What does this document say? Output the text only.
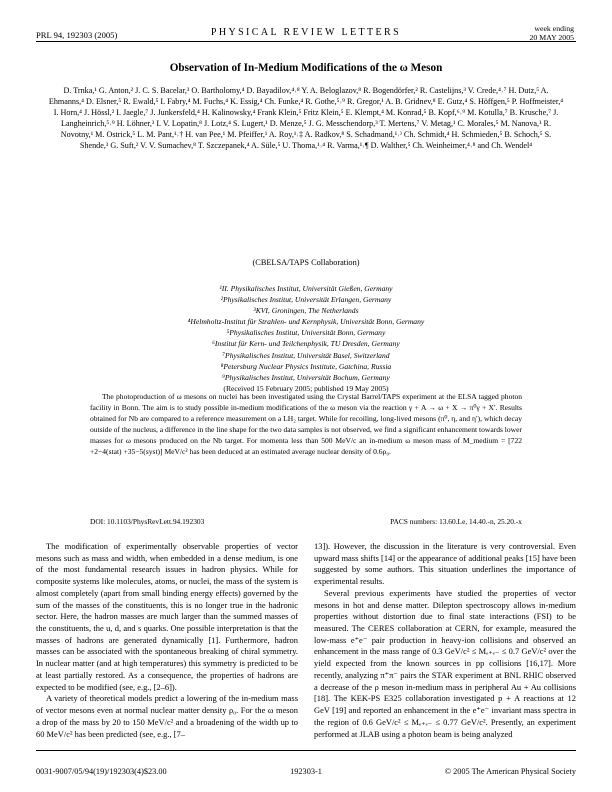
PRL 94, 192303 (2005)	PHYSICAL REVIEW LETTERS	week ending
20 MAY 2005
Observation of In-Medium Modifications of the ω Meson
D. Trnka,¹ G. Anton,² J. C. S. Bacelar,³ O. Bartholomy,⁴ D. Bayadilov,⁴˒⁸ Y. A. Beloglazov,⁸ R. Bogendörfer,² R. Castelijns,³ V. Crede,⁴˒⁷ H. Dutz,⁵ A. Ehmanns,⁴ D. Elsner,⁵ R. Ewald,⁵ I. Fabry,⁴ M. Fuchs,⁴ K. Essig,⁴ Ch. Funke,⁴ R. Gothe,⁵˒⁹ R. Gregor,¹ A. B. Gridnev,⁸ E. Gutz,⁴ S. Höffgen,⁵ P. Hoffmeister,⁴ I. Horn,⁴ J. Hössl,² I. Jaegle,⁷ J. Junkersfeld,⁴ H. Kalinowsky,⁴ Frank Klein,⁵ Fritz Klein,⁵ E. Klempt,⁴ M. Konrad,⁵ B. Kopf,⁶˒⁹ M. Kotulla,⁷ B. Krusche,⁷ J. Langheinrich,⁵˒⁹ H. Löhner,³ I. V. Lopatin,⁸ J. Lotz,⁴ S. Lugert,¹ D. Menze,⁵ J. G. Messchendorp,³ T. Mertens,⁷ V. Metag,¹ C. Morales,⁵ M. Nanova,¹ R. Novotny,¹ M. Ostrick,⁵ L. M. Pant,¹˒† H. van Pee,¹ M. Pfeiffer,¹ A. Roy,¹˒‡ A. Radkov,⁸ S. Schadmand,¹˒⁾ Ch. Schmidt,⁴ H. Schmieden,⁵ B. Schoch,⁵ S. Shende,³ G. Suft,² V. V. Sumachev,⁸ T. Szczepanek,⁴ A. Süle,⁵ U. Thoma,¹˒⁴ R. Varma,¹˒¶ D. Walther,⁵ Ch. Weinheimer,⁴˒⁸ and Ch. Wendel⁴
(CBELSA/TAPS Collaboration)
¹II. Physikalisches Institut, Universität Gießen, Germany
²Physikalisches Institut, Universität Erlangen, Germany
³KVI, Groningen, The Netherlands
⁴Helmholtz-Institut für Strahlen- und Kernphysik, Universität Bonn, Germany
⁵Physikalisches Institut, Universität Bonn, Germany
⁶Institut für Kern- und Teilchenphysik, TU Dresden, Germany
⁷Physikalisches Institut, Universität Basel, Switzerland
⁸Petersburg Nuclear Physics Institute, Gatchina, Russia
⁹Physikalisches Institut, Universität Bochum, Germany
(Received 15 February 2005; published 19 May 2005)
The photoproduction of ω mesons on nuclei has been investigated using the Crystal Barrel/TAPS experiment at the ELSA tagged photon facility in Bonn. The aim is to study possible in-medium modifications of the ω meson via the reaction γ + A → ω + X → π⁰γ + X′. Results obtained for Nb are compared to a reference measurement on a LH₂ target. While for recoiling, long-lived mesons (π⁰, η, and η′), which decay outside of the nucleus, a difference in the line shape for the two data samples is not observed, we find a significant enhancement towards lower masses for ω mesons produced on the Nb target. For momenta less than 500 MeV/c an in-medium ω meson mass of M_medium = [722 +2−4(stat) +35−5(syst)] MeV/c² has been deduced at an estimated average nuclear density of 0.6ρ₀.
DOI: 10.1103/PhysRevLett.94.192303	PACS numbers: 13.60.Le, 14.40.-n, 25.20.-x

The modification of experimentally observable properties of vector mesons such as mass and width, when embedded in a dense medium, is one of the most fundamental research issues in hadron physics. While for composite systems like molecules, atoms, or nuclei, the mass of the system is almost completely (apart from small binding energy effects) governed by the sum of the masses of the constituents, this is no longer true in the hadronic sector. Here, the hadron masses are much larger than the summed masses of the constituents, the u, d, and s quarks. One possible interpretation is that the masses of hadrons are generated dynamically [1]. Furthermore, hadron masses can be associated with the spontaneous breaking of chiral symmetry. In nuclear matter (and at high temperatures) this symmetry is predicted to be at least partially restored. As a consequence, the properties of hadrons are expected to be modified (see, e.g., [2–6]).

A variety of theoretical models predict a lowering of the in-medium mass of vector mesons even at normal nuclear matter density ρ₀. For the ω meson a drop of the mass by 20 to 150 MeV/c² and a broadening of the width up to 60 MeV/c² has been predicted (see, e.g., [7–

13]). However, the discussion in the literature is very controversial. Even upward mass shifts [14] or the appearance of additional peaks [15] have been suggested by some authors. This situation underlines the importance of experimental results.

Several previous experiments have studied the properties of vector mesons in hot and dense matter. Dilepton spectroscopy allows in-medium properties without distortion due to final state interactions (FSI) to be measured. The CERES collaboration at CERN, for example, measured the low-mass e⁺e⁻ pair production in heavy-ion collisions and observed an enhancement in the mass range of 0.3 GeV/c² ≤ Mₑ₊ₑ₋ ≤ 0.7 GeV/c² over the yield expected from the known sources in pp collisions [16,17]. More recently, analyzing π⁺π⁻ pairs the STAR experiment at BNL RHIC observed a decrease of the ρ meson in-medium mass in peripheral Au + Au collisions [18]. The KEK-PS E325 collaboration investigated p + A reactions at 12 GeV [19] and reported an enhancement in the e⁺e⁻ invariant mass spectra in the region of 0.6 GeV/c² ≤ Mₑ₊ₑ₋ ≤ 0.77 GeV/c². Presently, an experiment performed at JLAB using a photon beam is being analyzed

0031-9007/05/94(19)/192303(4)$23.00	192303-1	© 2005 The American Physical Society
